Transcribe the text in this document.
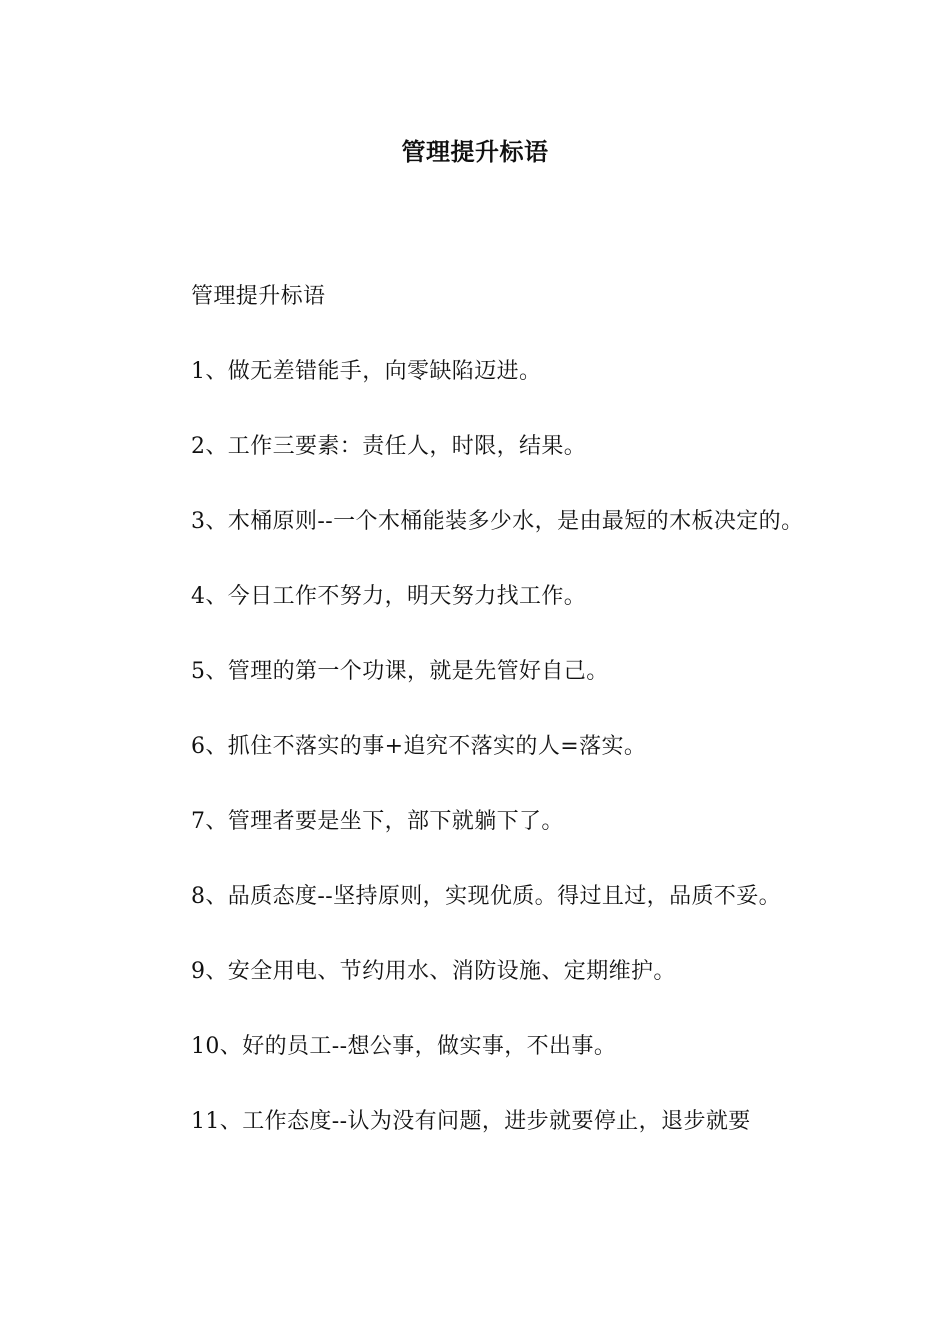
管理提升标语

管理提升标语

1、做无差错能手，向零缺陷迈进。

2、工作三要素：责任人，时限，结果。

3、木桶原则--一个木桶能装多少水，是由最短的木板决定的。

4、今日工作不努力，明天努力找工作。

5、管理的第一个功课，就是先管好自己。

6、抓住不落实的事+追究不落实的人=落实。

7、管理者要是坐下，部下就躺下了。

8、品质态度--坚持原则，实现优质。得过且过，品质不妥。

9、安全用电、节约用水、消防设施、定期维护。

10、好的员工--想公事，做实事，不出事。

11、工作态度--认为没有问题，进步就要停止，退步就要
